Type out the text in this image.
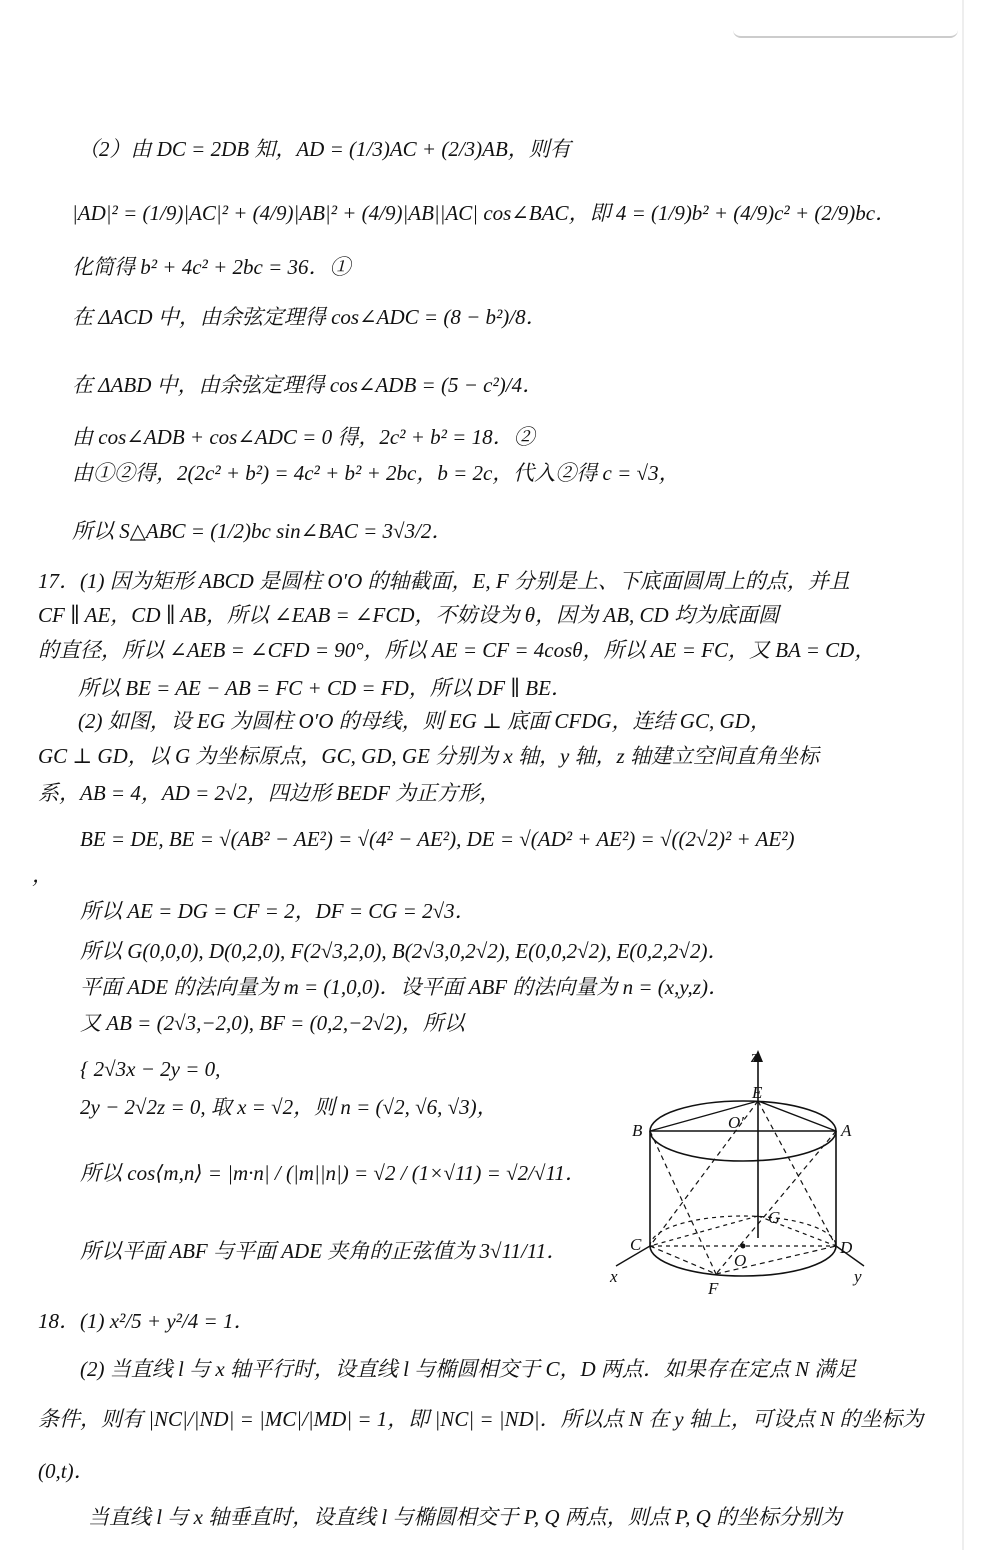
（2）由 DC = 2DB 知，AD = (1/3)AC + (2/3)AB，则有
|AD|² = (1/9)|AC|² + (4/9)|AB|² + (4/9)|AB||AC| cos∠BAC，即 4 = (1/9)b² + (4/9)c² + (2/9)bc．
化简得 b² + 4c² + 2bc = 36．①
在 ΔACD 中，由余弦定理得 cos∠ADC = (8 − b²)/8．
在 ΔABD 中，由余弦定理得 cos∠ADB = (5 − c²)/4．
由 cos∠ADB + cos∠ADC = 0 得，2c² + b² = 18．②
由①②得，2(2c² + b²) = 4c² + b² + 2bc，b = 2c，代入②得 c = √3，
所以 S△ABC = (1/2)bc sin∠BAC = 3√3/2．
17．(1) 因为矩形 ABCD 是圆柱 O′O 的轴截面，E, F 分别是上、下底面圆周上的点，并且
CF ∥ AE，CD ∥ AB，所以 ∠EAB = ∠FCD，不妨设为 θ，因为 AB, CD 均为底面圆
的直径，所以 ∠AEB = ∠CFD = 90°，所以 AE = CF = 4cosθ，所以 AE = FC，又 BA = CD，
所以 BE = AE − AB = FC + CD = FD，所以 DF ∥ BE．
(2) 如图，设 EG 为圆柱 O′O 的母线，则 EG ⊥ 底面 CFDG，连结 GC, GD，
GC ⊥ GD，以 G 为坐标原点，GC, GD, GE 分别为 x 轴，y 轴，z 轴建立空间直角坐标
系，AB = 4，AD = 2√2，四边形 BEDF 为正方形，
BE = DE, BE = √(AB² − AE²) = √(4² − AE²), DE = √(AD² + AE²) = √((2√2)² + AE²)
，
所以 AE = DG = CF = 2，DF = CG = 2√3．
所以 G(0,0,0), D(0,2,0), F(2√3,2,0), B(2√3,0,2√2), E(0,0,2√2), E(0,2,2√2)．
平面 ADE 的法向量为 m = (1,0,0)．设平面 ABF 的法向量为 n = (x,y,z)．
又 AB = (2√3,−2,0), BF = (0,2,−2√2)，所以
{ 2√3x − 2y = 0,
2y − 2√2z = 0, 取 x = √2，则 n = (√2, √6, √3)，
所以 cos⟨m,n⟩ = |m·n| / (|m||n|) = √2 / (1×√11) = √2/√11．
所以平面 ABF 与平面 ADE 夹角的正弦值为 3√11/11．
18．(1) x²/5 + y²/4 = 1．
(2) 当直线 l 与 x 轴平行时，设直线 l 与椭圆相交于 C，D 两点．如果存在定点 N 满足
条件，则有 |NC|/|ND| = |MC|/|MD| = 1，即 |NC| = |ND|．所以点 N 在 y 轴上，可设点 N 的坐标为
(0,t)．
当直线 l 与 x 轴垂直时，设直线 l 与椭圆相交于 P, Q 两点，则点 P, Q 的坐标分别为
z
E
O′
B	A
G
C	D
O
x	y
F
